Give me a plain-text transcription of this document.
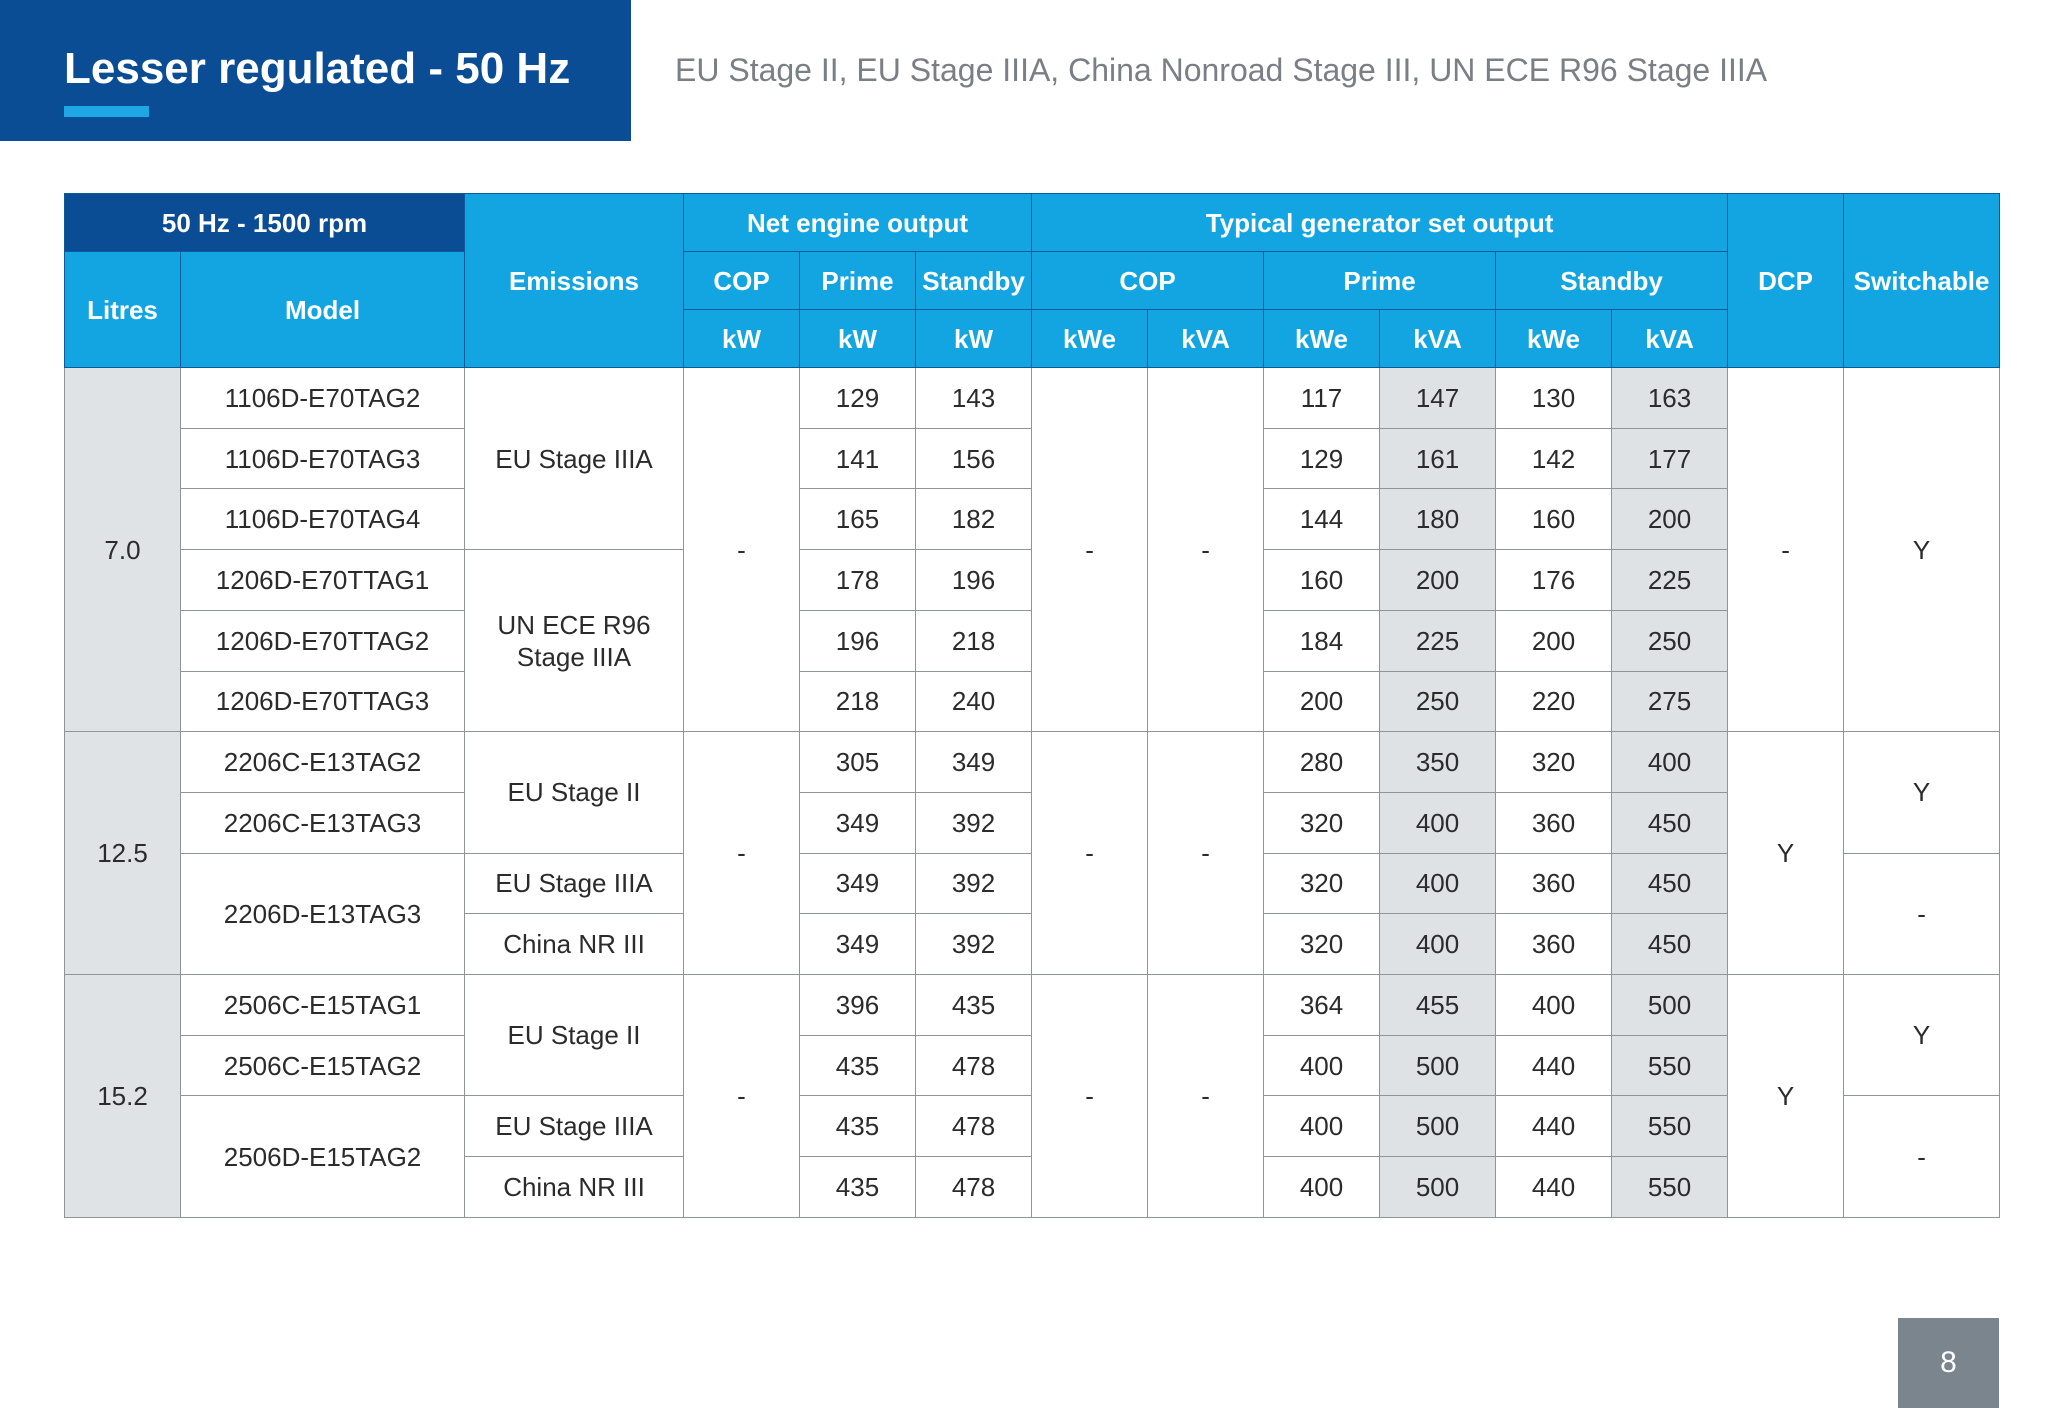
Lesser regulated - 50 Hz	EU Stage II, EU Stage IIIA, China Nonroad Stage III, UN ECE R96 Stage IIIA
50 Hz - 1500 rpm		Emissions	Net engine output			Typical generator set output						DCP	Switchable
Litres	Model		COP	Prime	Standby	COP		Prime		Standby			
			kW	kW	kW	kWe	kVA	kWe	kVA	kWe	kVA		
7.0	1106D-E70TAG2	EU Stage IIIA	-	129	143	-	-	117	147	130	163	-	Y
	1106D-E70TAG3			141	156			129	161	142	177		
	1106D-E70TAG4			165	182			144	180	160	200		
	1206D-E70TTAG1	UN ECE R96 Stage IIIA		178	196			160	200	176	225		
	1206D-E70TTAG2			196	218			184	225	200	250		
	1206D-E70TTAG3			218	240			200	250	220	275		
12.5	2206C-E13TAG2	EU Stage II	-	305	349	-	-	280	350	320	400	Y	Y
	2206C-E13TAG3			349	392			320	400	360	450		
	2206D-E13TAG3	EU Stage IIIA		349	392			320	400	360	450		-
		China NR III		349	392			320	400	360	450		
15.2	2506C-E15TAG1	EU Stage II	-	396	435	-	-	364	455	400	500	Y	Y
	2506C-E15TAG2			435	478			400	500	440	550		
	2506D-E15TAG2	EU Stage IIIA		435	478			400	500	440	550		-
		China NR III		435	478			400	500	440	550		
8
